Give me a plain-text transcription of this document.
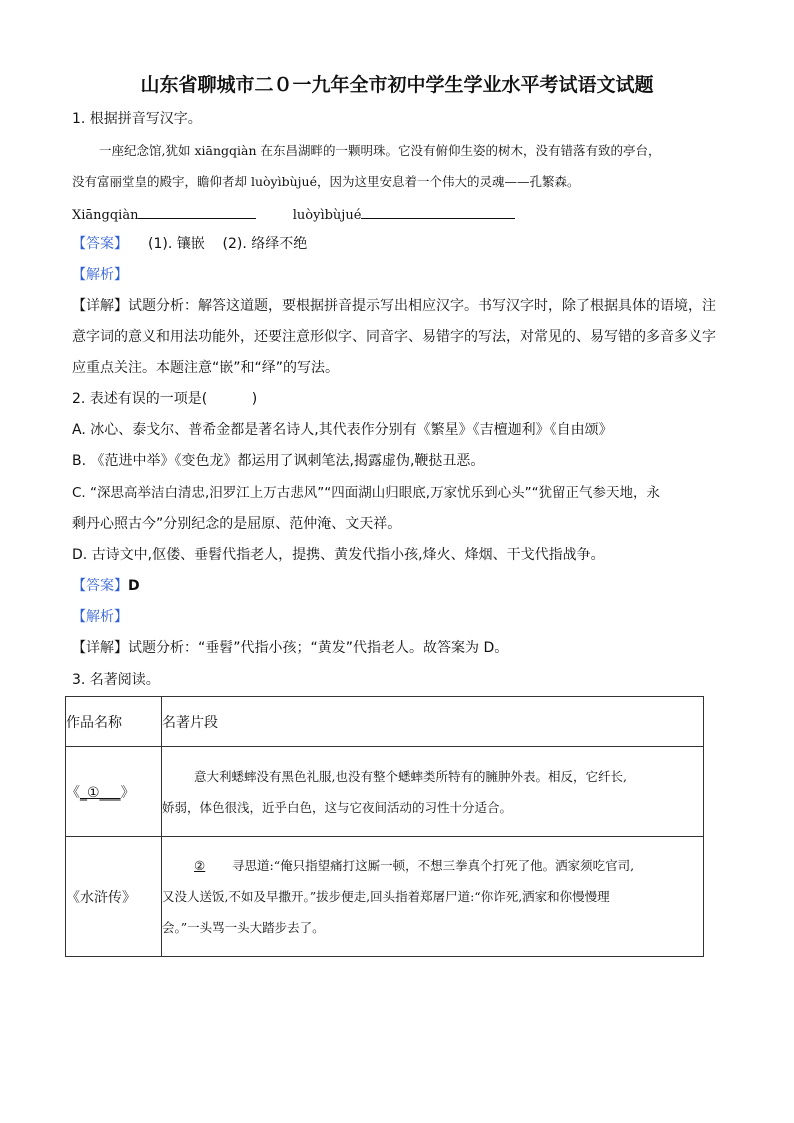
山东省聊城市二０一九年全市初中学生学业水平考试语文试题
1. 根据拼音写汉字。
一座纪念馆,犹如 xiāngqiàn 在东昌湖畔的一颗明珠。它没有俯仰生姿的树木，没有错落有致的亭台，
没有富丽堂皇的殿宇，瞻仰者却 luòyìbùjué，因为这里安息着一个伟大的灵魂——孔繁森。
Xiāngqiàn	luòyìbùjué
【答案】 (1). 镶嵌    (2). 络绎不绝
【解析】
【详解】试题分析：解答这道题，要根据拼音提示写出相应汉字。书写汉字时，除了根据具体的语境，注
意字词的意义和用法功能外，还要注意形似字、同音字、易错字的写法，对常见的、易写错的多音多义字
应重点关注。本题注意“嵌”和“绎”的写法。
2. 表述有误的一项是(          )
A. 冰心、泰戈尔、普希金都是著名诗人,其代表作分别有《繁星》《吉檀迦利》《自由颂》
B. 《范进中举》《变色龙》都运用了讽刺笔法,揭露虚伪,鞭挞丑恶。
C. “深思高举洁白清忠,汨罗江上万古悲风”“四面湖山归眼底,万家忧乐到心头”“犹留正气参天地，永
剩丹心照古今”分别纪念的是屈原、范仲淹、文天祥。
D. 古诗文中,伛偻、垂髫代指老人，提携、黄发代指小孩,烽火、烽烟、干戈代指战争。
【答案】D
【解析】
【详解】试题分析：“垂髫”代指小孩；“黄发”代指老人。故答案为 D。
3. 名著阅读。
作品名称	名著片段
《_①___》	意大利蟋蟀没有黑色礼服,也没有整个蟋蟀类所特有的臃肿外表。相反，它纤长,
娇弱，体色很浅，近乎白色，这与它夜间活动的习性十分适合。

《水浒传》	② 寻思道:“俺只指望痛打这厮一顿，不想三拳真个打死了他。洒家须吃官司,
又没人送饭,不如及早撒开。”拔步便走,回头指着郑屠尸道:“你诈死,洒家和你慢慢理
会。”一头骂一头大踏步去了。
